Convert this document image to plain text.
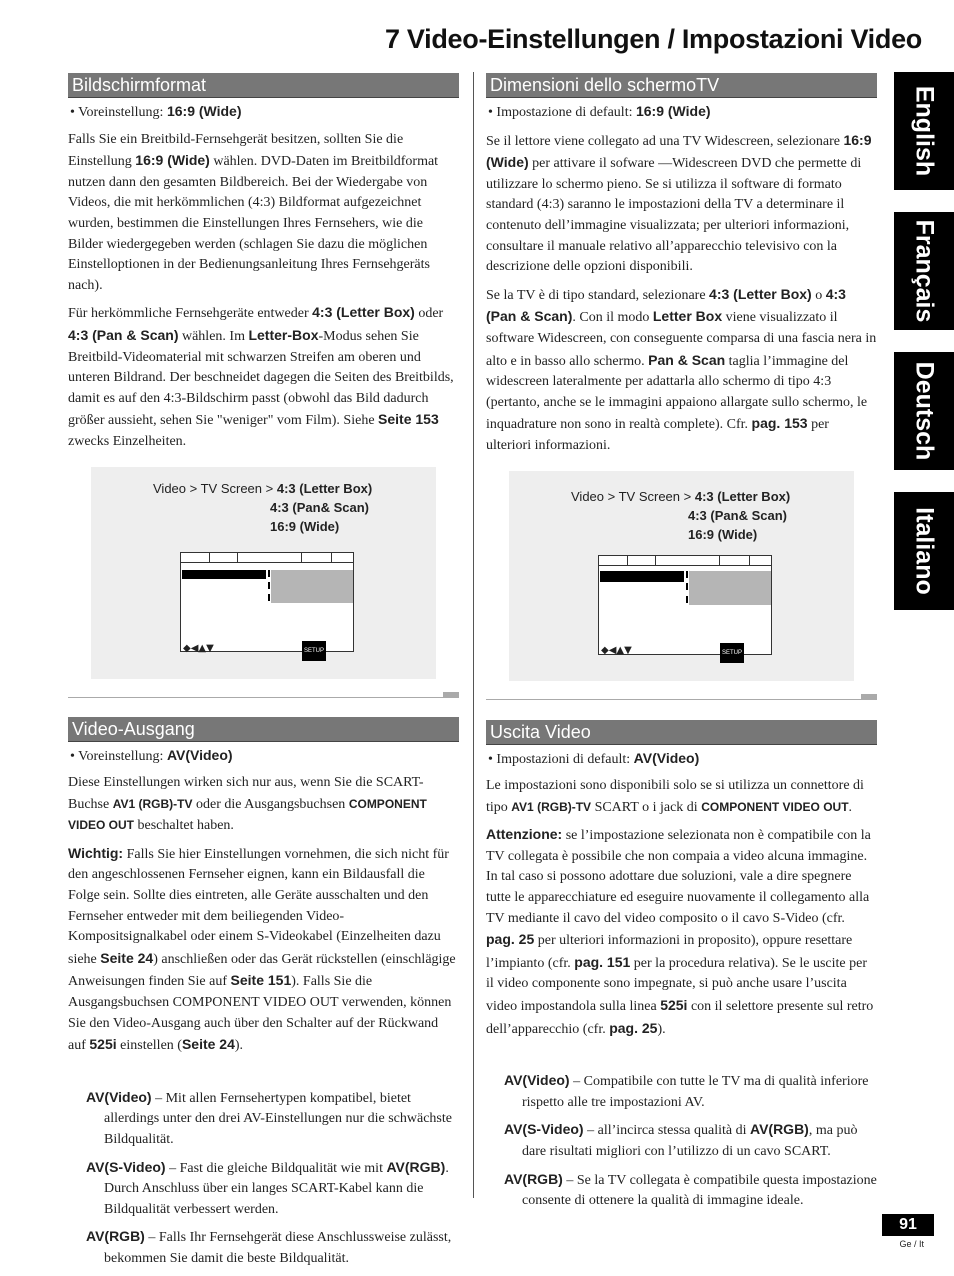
7 Video-Einstellungen / Impostazioni Video
English
Français
Deutsch
Italiano
Bildschirmformat
• Voreinstellung: 16:9 (Wide)

Falls Sie ein Breitbild-Fernsehgerät besitzen, sollten Sie die Einstellung 16:9 (Wide) wählen. DVD-Daten im Breitbildformat nutzen dann den gesamten Bildbereich. Bei der Wiedergabe von Videos, die mit herkömmlichen (4:3) Bildformat aufgezeichnet wurden, bestimmen die Einstellungen Ihres Fernsehers, wie die Bilder wiedergegeben werden (schlagen Sie dazu die möglichen Einstelloptionen in der Bedienungsanleitung Ihres Fernsehgeräts nach).

Für herkömmliche Fernsehgeräte entweder 4:3 (Letter Box) oder 4:3 (Pan & Scan) wählen. Im Letter-Box-Modus sehen Sie Breitbild-Videomaterial mit schwarzen Streifen am oberen und unteren Bildrand. Der beschneidet dagegen die Seiten des Breitbilds, damit es auf den 4:3-Bildschirm passt (obwohl das Bild dadurch größer aussieht, sehen Sie "weniger" vom Film). Siehe Seite 153 zwecks Einzelheiten.

Video > TV Screen > 4:3 (Letter Box)
4:3 (Pan& Scan)
16:9 (Wide)
◆◀▲▼	SETUP
Video-Ausgang
• Voreinstellung: AV(Video)

Diese Einstellungen wirken sich nur aus, wenn Sie die SCART-Buchse AV1 (RGB)-TV oder die Ausgangsbuchsen COMPONENT VIDEO OUT beschaltet haben.

Wichtig: Falls Sie hier Einstellungen vornehmen, die sich nicht für den angeschlossenen Fernseher eignen, kann ein Bildausfall die Folge sein. Sollte dies eintreten, alle Geräte ausschalten und den Fernseher entweder mit dem beiliegenden Video-Kompositsignalkabel oder einem S-Videokabel (Einzelheiten dazu siehe Seite 24) anschließen oder das Gerät rückstellen (einschlägige Anweisungen finden Sie auf Seite 151). Falls Sie die Ausgangsbuchsen COMPONENT VIDEO OUT verwenden, können Sie den Video-Ausgang auch über den Schalter auf der Rückwand auf 525i einstellen (Seite 24).

AV(Video) – Mit allen Fernsehertypen kompatibel, bietet allerdings unter den drei AV-Einstellungen nur die schwächste Bildqualität.

AV(S-Video) – Fast die gleiche Bildqualität wie mit AV(RGB). Durch Anschluss über ein langes SCART-Kabel kann die Bildqualität verbessert werden.

AV(RGB) – Falls Ihr Fernsehgerät diese Anschlussweise zulässt, bekommen Sie damit die beste Bildqualität.

Dimensioni dello schermoTV
• Impostazione di default: 16:9 (Wide)

Se il lettore viene collegato ad una TV Widescreen, selezionare 16:9 (Wide) per attivare il sofware —Widescreen DVD che permette di utilizzare lo schermo pieno. Se si utilizza il software di formato standard (4:3) saranno le impostazioni della TV a determinare il contenuto dell’immagine visualizzata; per ulteriori informazioni, consultare il manuale relativo all’apparecchio televisivo con la descrizione delle opzioni disponibili.

Se la TV è di tipo standard, selezionare 4:3 (Letter Box) o 4:3 (Pan & Scan). Con il modo Letter Box viene visualizzato il software Widescreen, con conseguente comparsa di una fascia nera in alto e in basso allo schermo. Pan & Scan taglia l’immagine del widescreen lateralmente per adattarla allo schermo di tipo 4:3 (pertanto, anche se le immagini appaiono allargate sullo schermo, le inquadrature non sono in realtà complete). Cfr. pag. 153 per ulteriori informazioni.

Video > TV Screen > 4:3 (Letter Box)
4:3 (Pan& Scan)
16:9 (Wide)
◆◀▲▼	SETUP
Uscita Video
• Impostazioni di default: AV(Video)

Le impostazioni sono disponibili solo se si utilizza un connettore di tipo AV1 (RGB)-TV SCART o i jack di COMPONENT VIDEO OUT.

Attenzione: se l’impostazione selezionata non è compatibile con la TV collegata è possibile che non compaia a video alcuna immagine. In tal caso si possono adottare due soluzioni, vale a dire spegnere tutte le apparecchiature ed eseguire nuovamente il collegamento alla TV mediante il cavo del video composito o il cavo S-Video (cfr. pag. 25 per ulteriori informazioni in proposito), oppure resettare l’impianto (cfr. pag. 151 per la procedura relativa). Se le uscite per il video componente sono impegnate, si può anche usare l’uscita video impostandola sulla linea 525i con il selettore presente sul retro dell’apparecchio (cfr. pag. 25).

AV(Video) – Compatibile con tutte le TV ma di qualità inferiore rispetto alle tre impostazioni AV.

AV(S-Video) – all’incirca stessa qualità di AV(RGB), ma può dare risultati migliori con l’utilizzo di un cavo SCART.

AV(RGB) – Se la TV collegata è compatibile questa impostazione consente di ottenere la qualità di immagine ideale.

91
Ge / It
